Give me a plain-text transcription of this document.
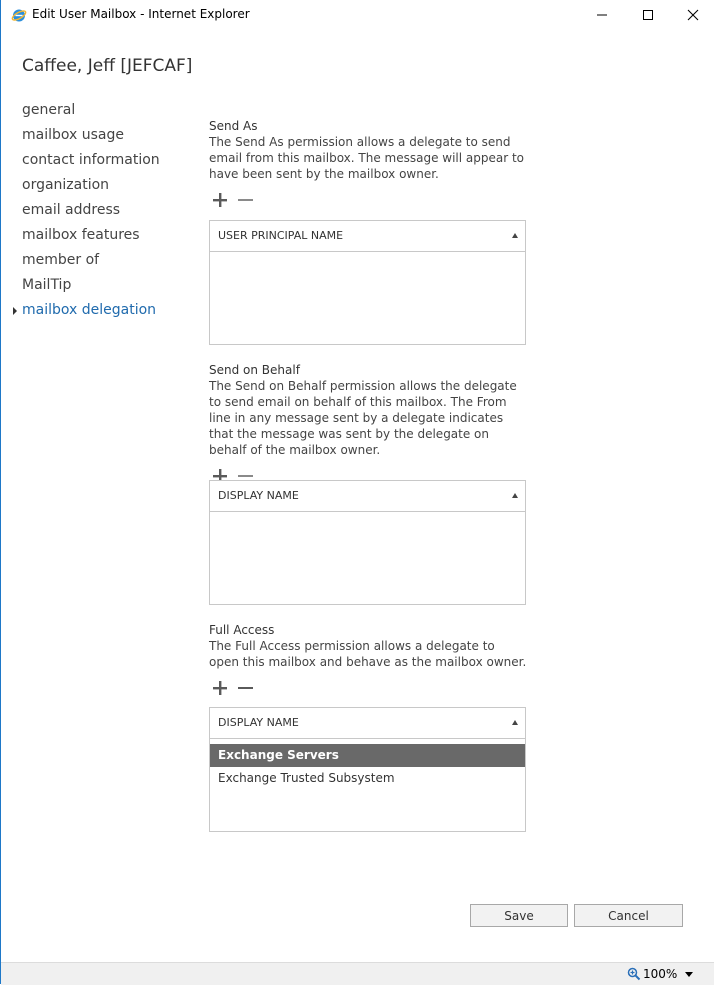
Edit User Mailbox - Internet Explorer
Caffee, Jeff [JEFCAF]
general
mailbox usage
contact information
organization
email address
mailbox features
member of
MailTip
mailbox delegation
Send As
The Send As permission allows a delegate to send email from this mailbox. The message will appear to have been sent by the mailbox owner.
USER PRINCIPAL NAME
Send on Behalf
The Send on Behalf permission allows the delegate to send email on behalf of this mailbox. The From line in any message sent by a delegate indicates that the message was sent by the delegate on behalf of the mailbox owner.
DISPLAY NAME
Full Access
The Full Access permission allows a delegate to open this mailbox and behave as the mailbox owner.
DISPLAY NAME
Exchange Servers
Exchange Trusted Subsystem
Save	Cancel
100%
